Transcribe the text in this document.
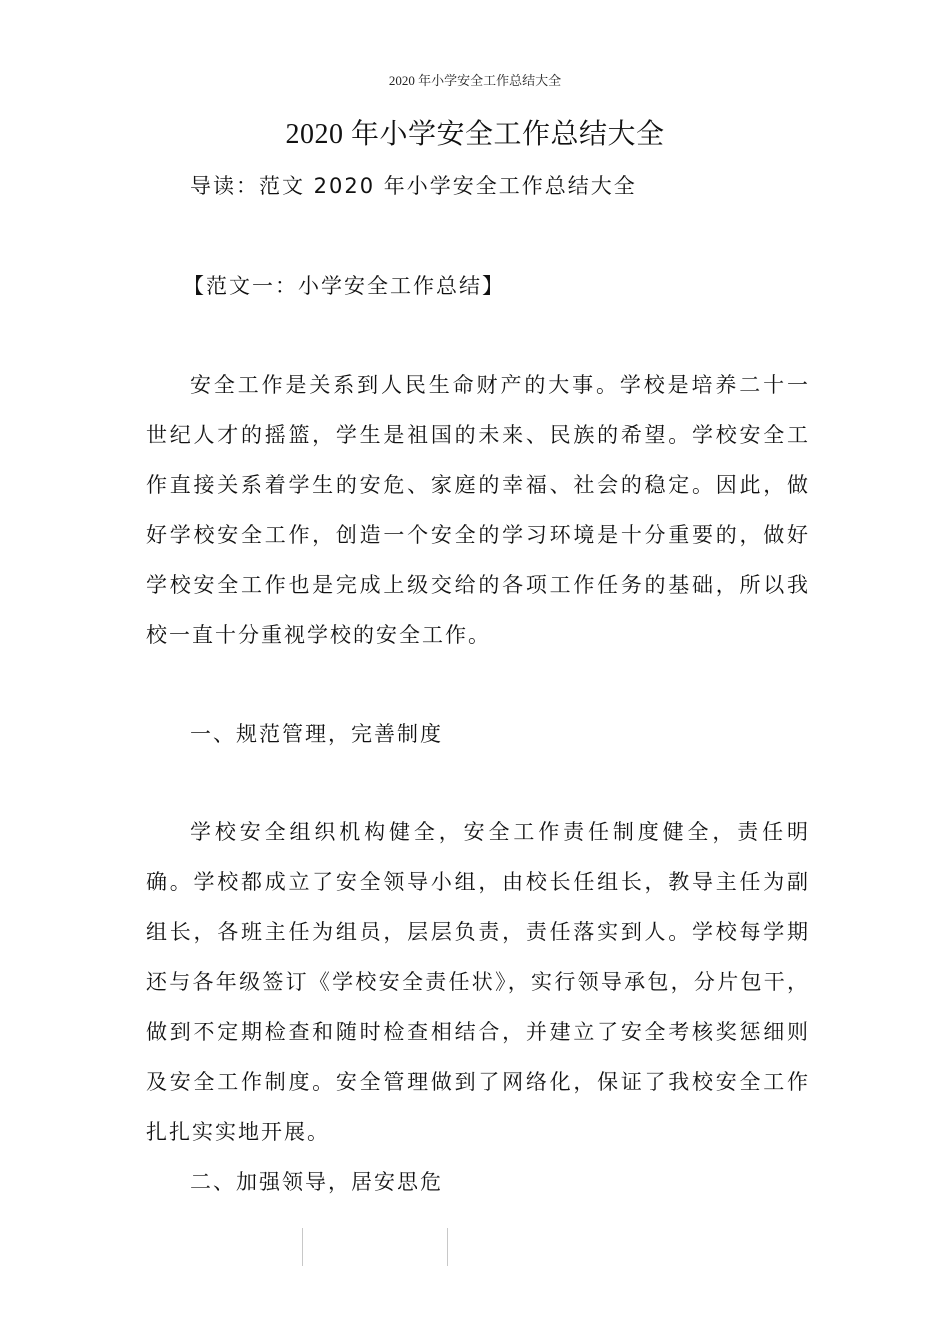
2020 年小学安全工作总结大全
2020 年小学安全工作总结大全
导读：范文 2020 年小学安全工作总结大全
【范文一：小学安全工作总结】

安全工作是关系到人民生命财产的大事。学校是培养二十一世纪人才的摇篮，学生是祖国的未来、民族的希望。学校安全工作直接关系着学生的安危、家庭的幸福、社会的稳定。因此，做好学校安全工作，创造一个安全的学习环境是十分重要的，做好学校安全工作也是完成上级交给的各项工作任务的基础，所以我校一直十分重视学校的安全工作。

一、规范管理，完善制度

学校安全组织机构健全，安全工作责任制度健全，责任明确。学校都成立了安全领导小组，由校长任组长，教导主任为副组长，各班主任为组员，层层负责，责任落实到人。学校每学期还与各年级签订《学校安全责任状》，实行领导承包，分片包干，做到不定期检查和随时检查相结合，并建立了安全考核奖惩细则及安全工作制度。安全管理做到了网络化，保证了我校安全工作扎扎实实地开展。

二、加强领导，居安思危
